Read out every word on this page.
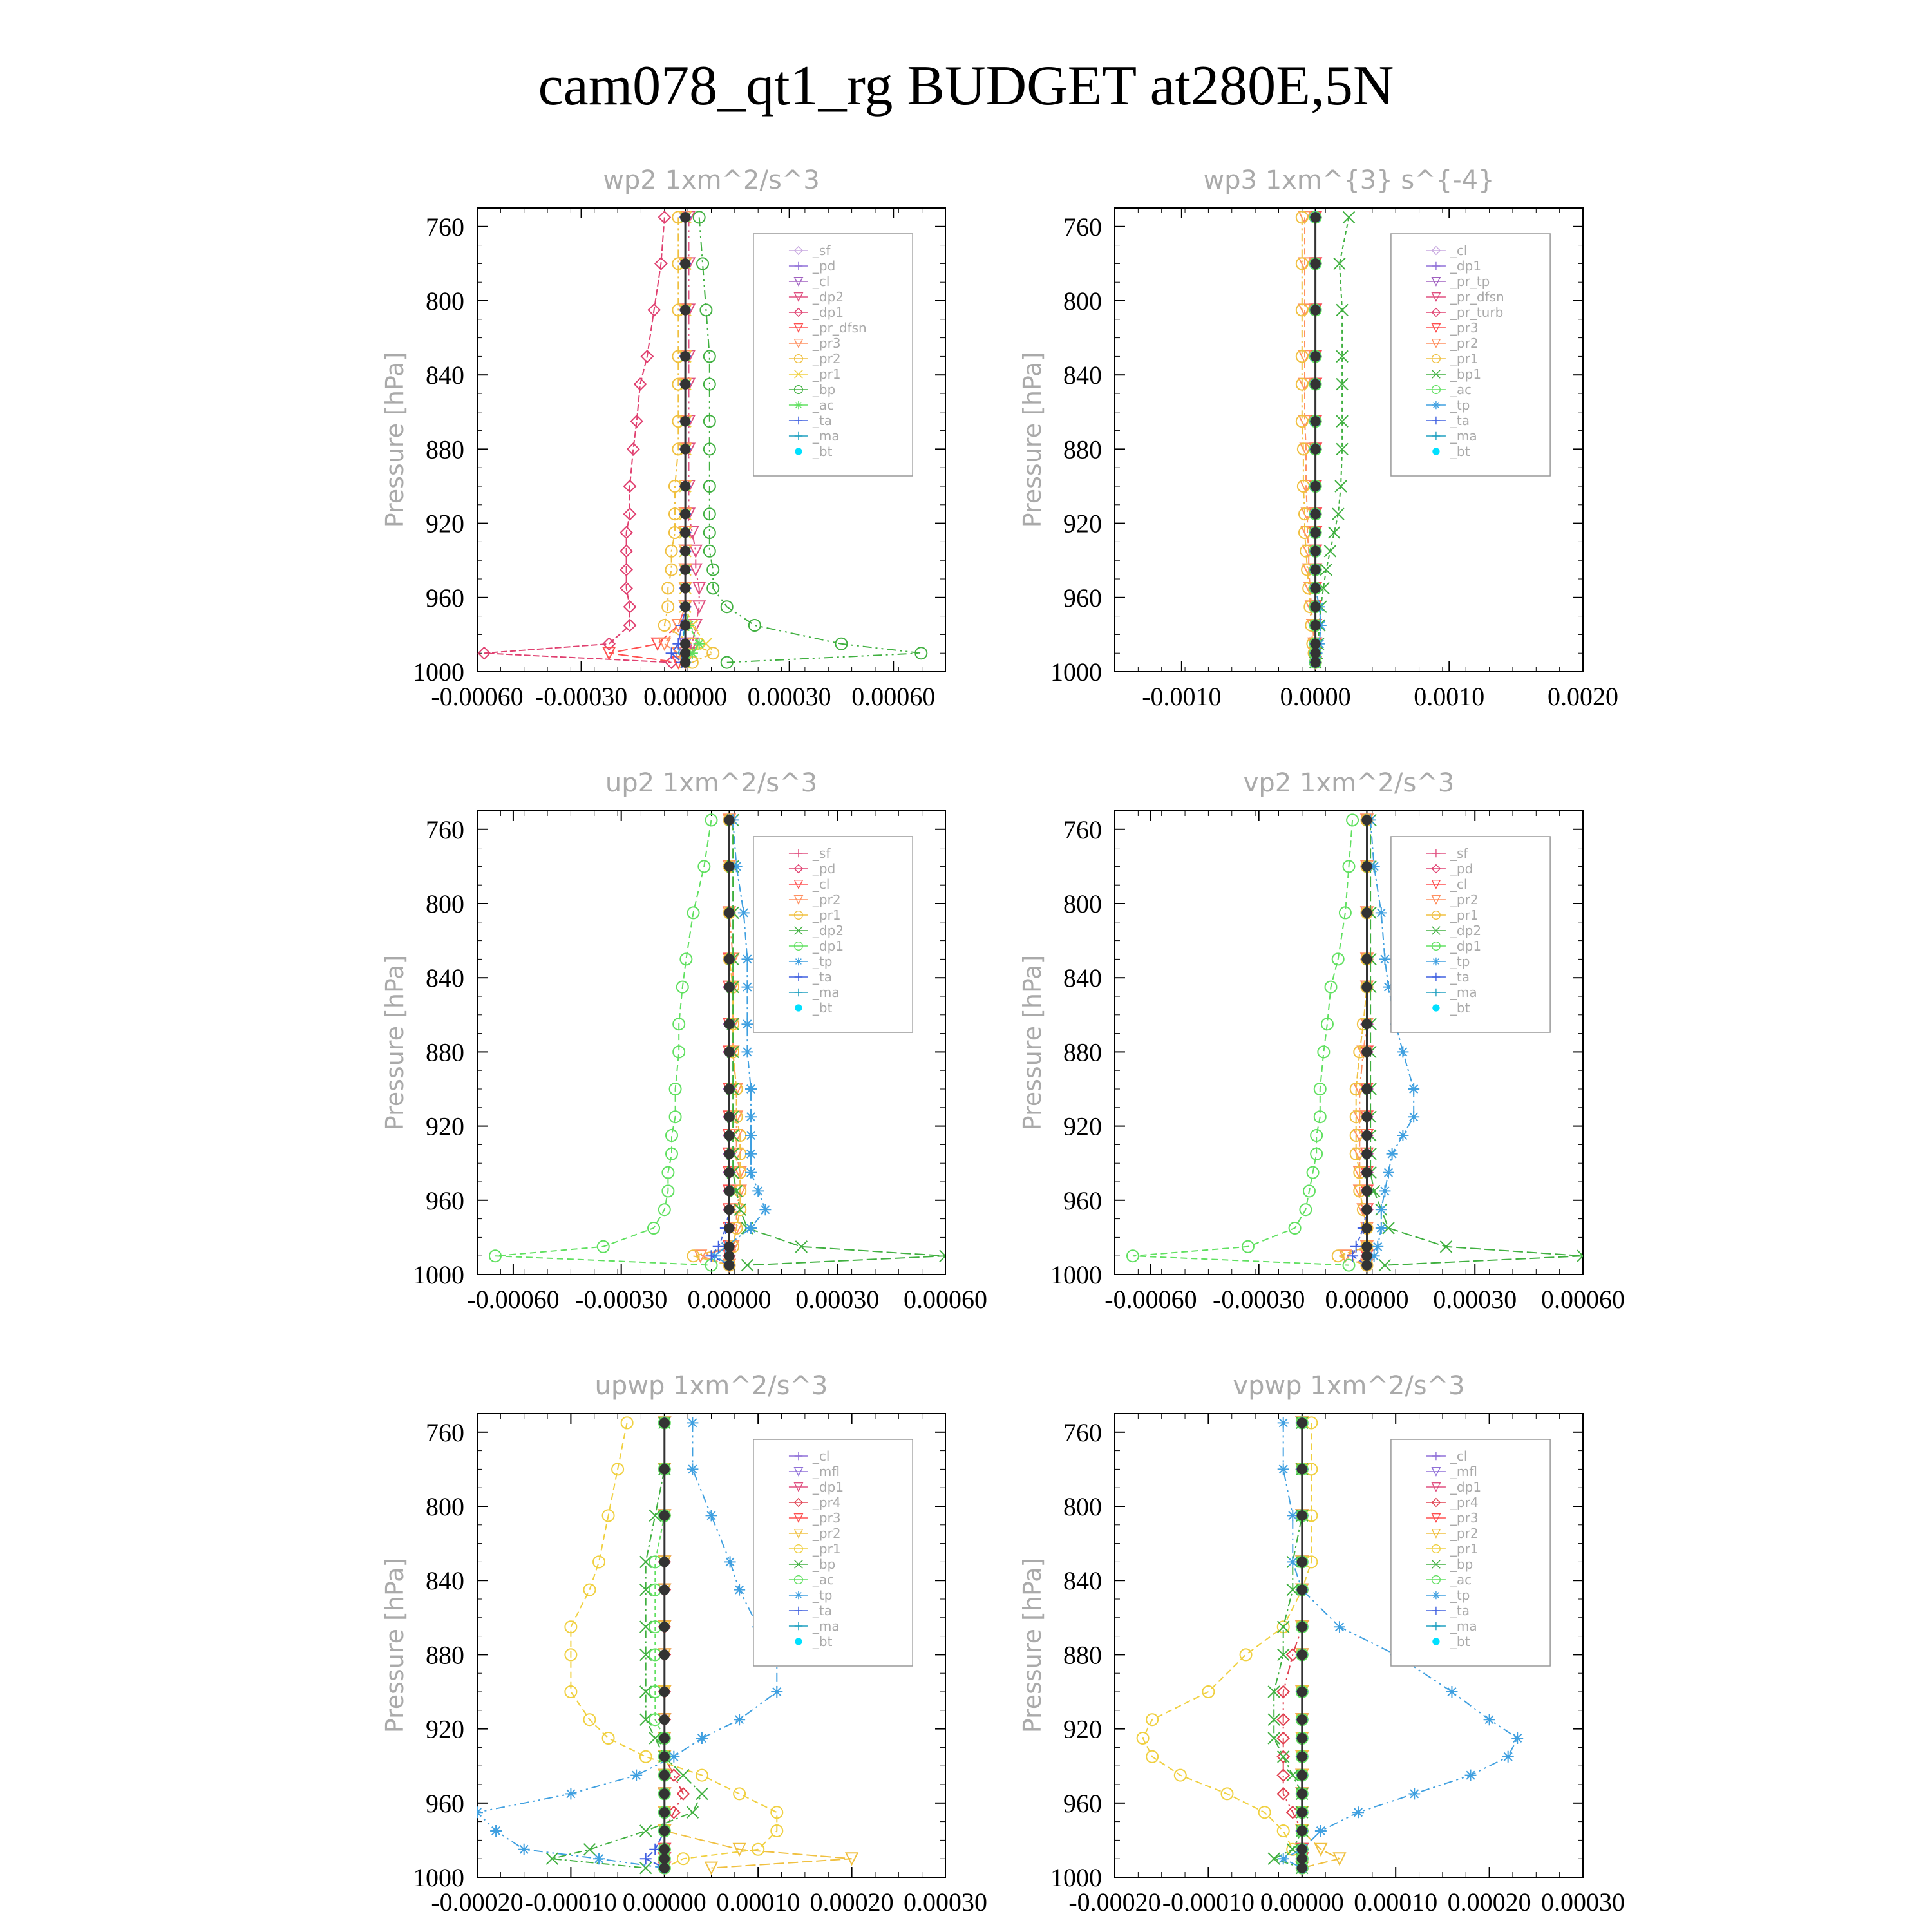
cam078_qt1_rg BUDGET at280E,5N
wp2 1xm^2/s^3
Pressure [hPa]
760
800
840
880
920
960
1000
-0.00060 -0.00030 0.00000 0.00030 0.00060
_sf
_pd
_cl
_dp2
_dp1
_pr_dfsn
_pr3
_pr2
_pr1
_bp
_ac
_ta
_ma
_bt
wp3 1xm^{3} s^{-4}
Pressure [hPa]
760
800
840
880
920
960
1000
-0.0010 0.0000 0.0010 0.0020
_cl
_dp1
_pr_tp
_pr_dfsn
_pr_turb
_pr3
_pr2
_pr1
_bp1
_ac
_tp
_ta
_ma
_bt
up2 1xm^2/s^3
Pressure [hPa]
760
800
840
880
920
960
1000
-0.00060 -0.00030 0.00000 0.00030 0.00060
_sf
_pd
_cl
_pr2
_pr1
_dp2
_dp1
_tp
_ta
_ma
_bt
vp2 1xm^2/s^3
Pressure [hPa]
760
800
840
880
920
960
1000
-0.00060 -0.00030 0.00000 0.00030 0.00060
_sf
_pd
_cl
_pr2
_pr1
_dp2
_dp1
_tp
_ta
_ma
_bt
upwp 1xm^2/s^3
Pressure [hPa]
760
800
840
880
920
960
1000
-0.00020 -0.00010 0.00000 0.00010 0.00020 0.00030
_cl
_mfl
_dp1
_pr4
_pr3
_pr2
_pr1
_bp
_ac
_tp
_ta
_ma
_bt
vpwp 1xm^2/s^3
Pressure [hPa]
760
800
840
880
920
960
1000
-0.00020 -0.00010 0.00000 0.00010 0.00020 0.00030
_cl
_mfl
_dp1
_pr4
_pr3
_pr2
_pr1
_bp
_ac
_tp
_ta
_ma
_bt
